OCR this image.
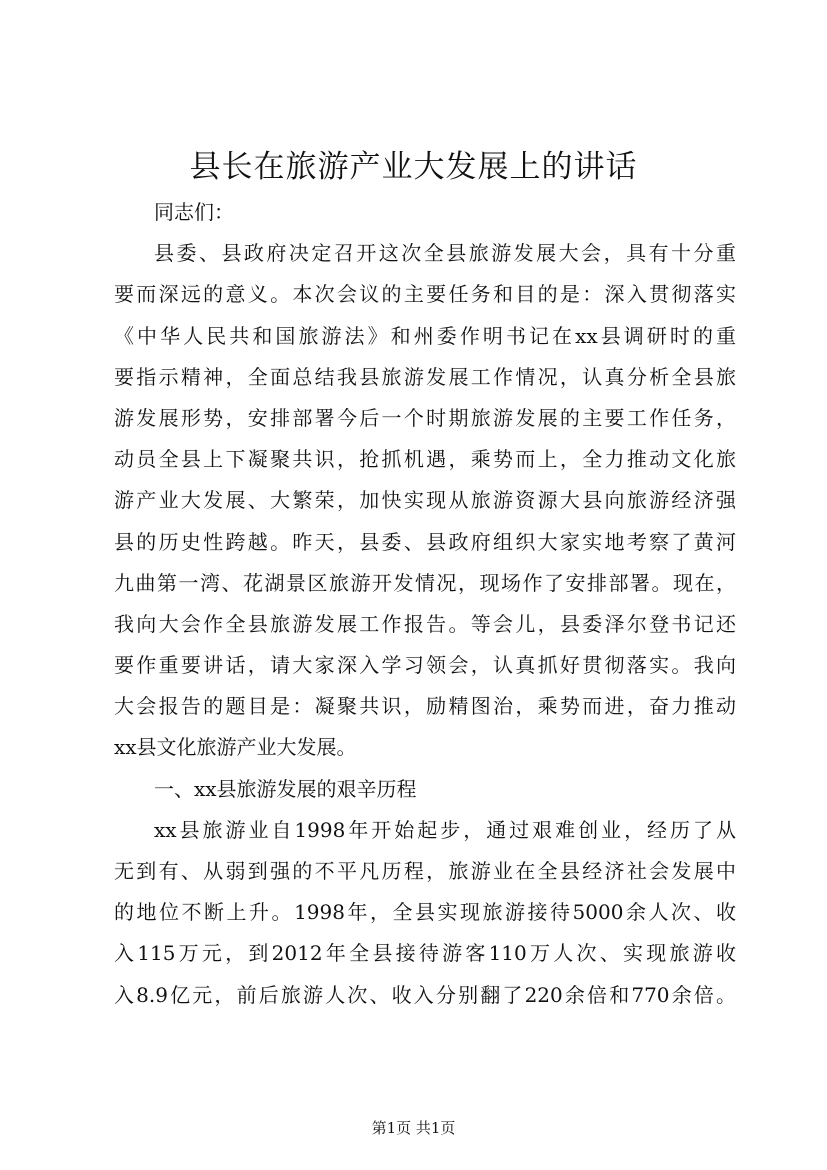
县长在旅游产业大发展上的讲话
同志们：
县委、县政府决定召开这次全县旅游发展大会，具有十分重
要而深远的意义。本次会议的主要任务和目的是：深入贯彻落实
《中华人民共和国旅游法》和州委作明书记在xx县调研时的重
要指示精神，全面总结我县旅游发展工作情况，认真分析全县旅
游发展形势，安排部署今后一个时期旅游发展的主要工作任务，
动员全县上下凝聚共识，抢抓机遇，乘势而上，全力推动文化旅
游产业大发展、大繁荣，加快实现从旅游资源大县向旅游经济强
县的历史性跨越。昨天，县委、县政府组织大家实地考察了黄河
九曲第一湾、花湖景区旅游开发情况，现场作了安排部署。现在，
我向大会作全县旅游发展工作报告。等会儿，县委泽尔登书记还
要作重要讲话，请大家深入学习领会，认真抓好贯彻落实。我向
大会报告的题目是：凝聚共识，励精图治，乘势而进，奋力推动
xx县文化旅游产业大发展。
一、xx县旅游发展的艰辛历程
xx县旅游业自1998年开始起步，通过艰难创业，经历了从
无到有、从弱到强的不平凡历程，旅游业在全县经济社会发展中
的地位不断上升。1998年，全县实现旅游接待5000余人次、收
入115万元，到2012年全县接待游客110万人次、实现旅游收
入8.9亿元，前后旅游人次、收入分别翻了220余倍和770余倍。
第1页 共1页
